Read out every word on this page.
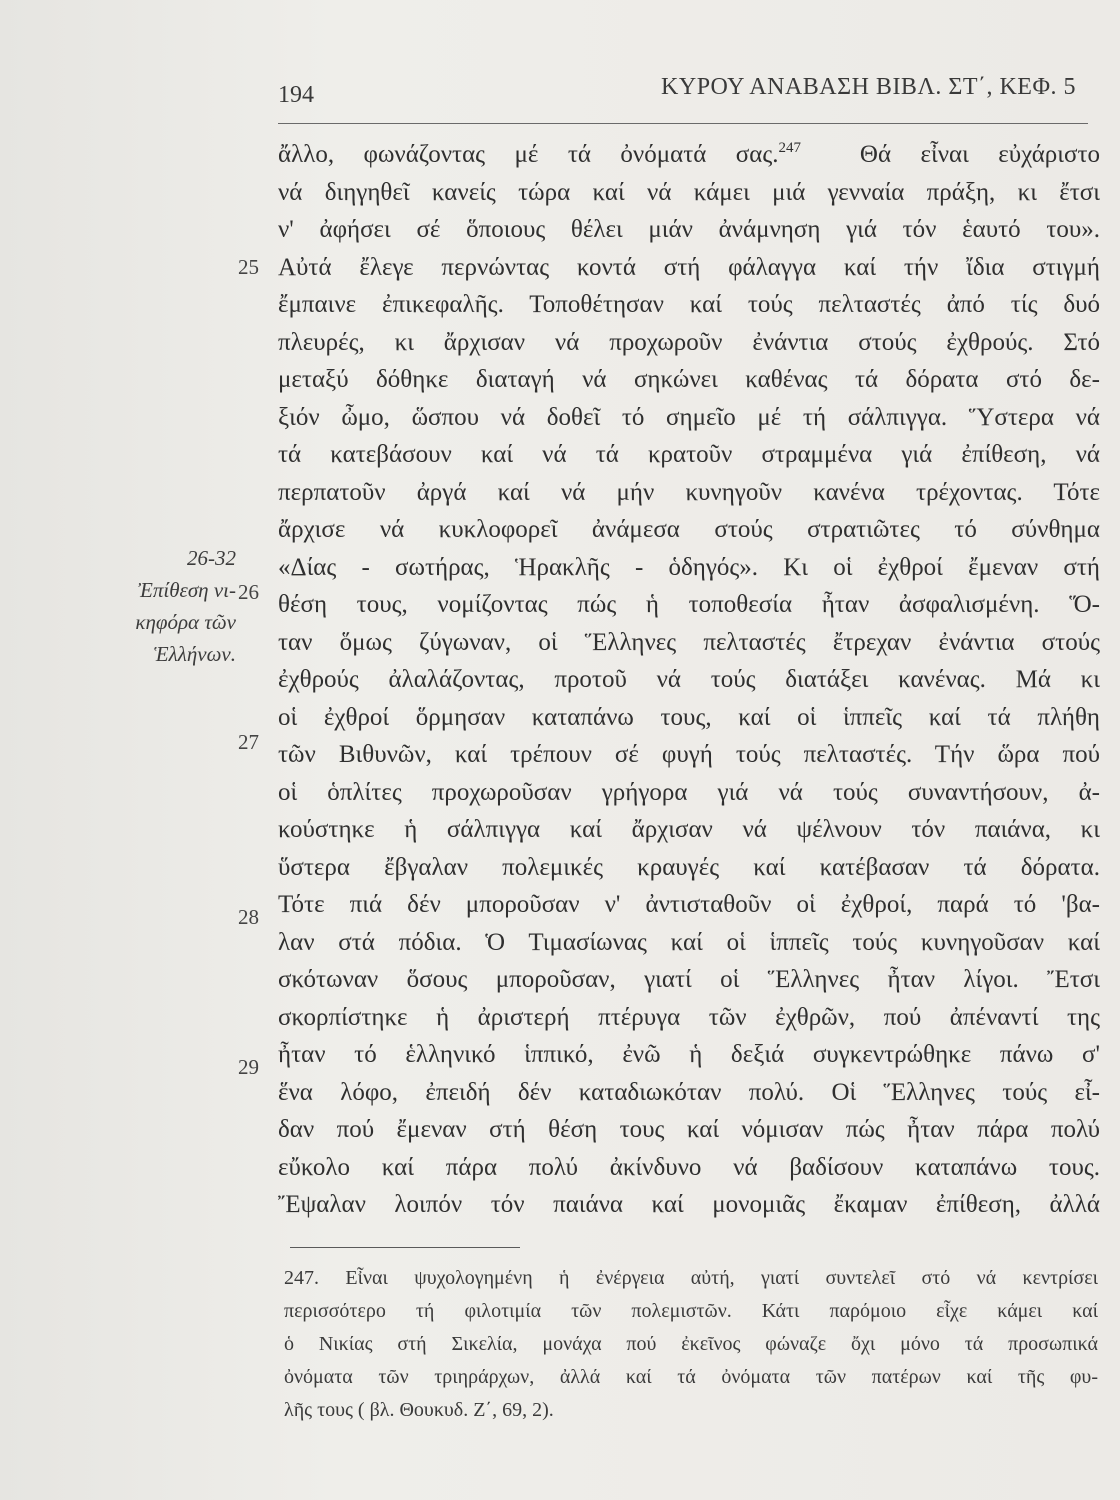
194	ΚΥΡΟΥ ΑΝΑΒΑΣΗ ΒΙΒΛ. ΣΤ΄, ΚΕΦ. 5
ἄλλο, φωνάζοντας μέ τά ὀνόματά σας.$^{247}$ Θά εἶναι εὐχάριστο
νά διηγηθεῖ κανείς τώρα καί νά κάμει μιά γενναία πράξη, κι ἔτσι
ν' ἀφήσει σέ ὅποιους θέλει μιάν ἀνάμνηση γιά τόν ἑαυτό του».
Αὐτά ἔλεγε περνώντας κοντά στή φάλαγγα καί τήν ἴδια στιγμή
ἔμπαινε ἐπικεφαλῆς. Τοποθέτησαν καί τούς πελταστές ἀπό τίς δυό
πλευρές, κι ἄρχισαν νά προχωροῦν ἐνάντια στούς ἐχθρούς. Στό
μεταξύ δόθηκε διαταγή νά σηκώνει καθένας τά δόρατα στό δε-
ξιόν ὦμο, ὥσπου νά δοθεῖ τό σημεῖο μέ τή σάλπιγγα. Ὕστερα νά
τά κατεβάσουν καί νά τά κρατοῦν στραμμένα γιά ἐπίθεση, νά
περπατοῦν ἀργά καί νά μήν κυνηγοῦν κανένα τρέχοντας. Τότε
ἄρχισε νά κυκλοφορεῖ ἀνάμεσα στούς στρατιῶτες τό σύνθημα
«Δίας - σωτήρας, Ἡρακλῆς - ὁδηγός». Κι οἱ ἐχθροί ἔμεναν στή
θέση τους, νομίζοντας πώς ἡ τοποθεσία ἦταν ἀσφαλισμένη. Ὅ-
ταν ὅμως ζύγωναν, οἱ Ἕλληνες πελταστές ἔτρεχαν ἐνάντια στούς
ἐχθρούς ἀλαλάζοντας, προτοῦ νά τούς διατάξει κανένας. Μά κι
οἱ ἐχθροί ὅρμησαν καταπάνω τους, καί οἱ ἱππεῖς καί τά πλήθη
τῶν Βιθυνῶν, καί τρέπουν σέ φυγή τούς πελταστές. Τήν ὥρα πού
οἱ ὁπλίτες προχωροῦσαν γρήγορα γιά νά τούς συναντήσουν, ἀ-
κούστηκε ἡ σάλπιγγα καί ἄρχισαν νά ψέλνουν τόν παιάνα, κι
ὕστερα ἔβγαλαν πολεμικές κραυγές καί κατέβασαν τά δόρατα.
Τότε πιά δέν μποροῦσαν ν' ἀντισταθοῦν οἱ ἐχθροί, παρά τό 'βα-
λαν στά πόδια. Ὁ Τιμασίωνας καί οἱ ἱππεῖς τούς κυνηγοῦσαν καί
σκότωναν ὅσους μποροῦσαν, γιατί οἱ Ἕλληνες ἦταν λίγοι. Ἔτσι
σκορπίστηκε ἡ ἀριστερή πτέρυγα τῶν ἐχθρῶν, πού ἀπέναντί της
ἦταν τό ἑλληνικό ἱππικό, ἐνῶ ἡ δεξιά συγκεντρώθηκε πάνω σ'
ἕνα λόφο, ἐπειδή δέν καταδιωκόταν πολύ. Οἱ Ἕλληνες τούς εἶ-
δαν πού ἔμεναν στή θέση τους καί νόμισαν πώς ἦταν πάρα πολύ
εὔκολο καί πάρα πολύ ἀκίνδυνο νά βαδίσουν καταπάνω τους.
Ἔψαλαν λοιπόν τόν παιάνα καί μονομιᾶς ἔκαμαν ἐπίθεση, ἀλλά
25
26
27
28
29
26-32
Ἐπίθεση νι-
κηφόρα τῶν
Ἑλλήνων.
247. Εἶναι ψυχολογημένη ἡ ἐνέργεια αὐτή, γιατί συντελεῖ στό νά κεντρίσει
περισσότερο τή φιλοτιμία τῶν πολεμιστῶν. Κάτι παρόμοιο εἶχε κάμει καί
ὁ Νικίας στή Σικελία, μονάχα πού ἐκεῖνος φώναζε ὄχι μόνο τά προσωπικά
ὀνόματα τῶν τριηράρχων, ἀλλά καί τά ὀνόματα τῶν πατέρων καί τῆς φυ-
λῆς τους ( βλ. Θουκυδ. Ζ΄, 69, 2).
